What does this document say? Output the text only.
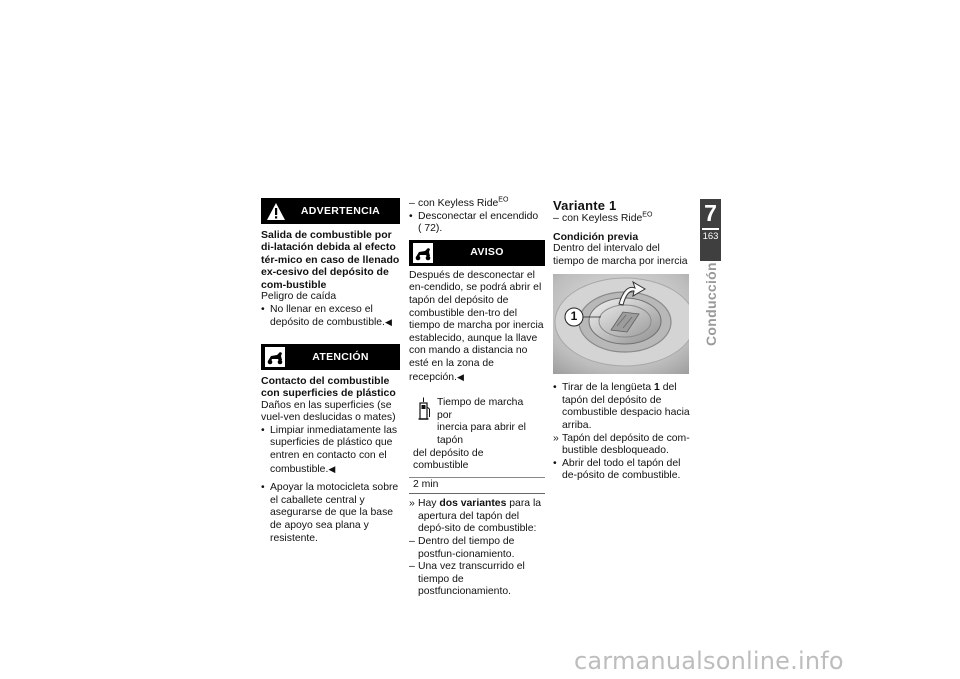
ADVERTENCIA
Salida de combustible por di-latación debida al efecto tér-mico en caso de llenado ex-cesivo del depósito de com-bustible

Peligro de caída

• No llenar en exceso el depósito de combustible.◀
ATENCIÓN
Contacto del combustible con superficies de plástico

Daños en las superficies (se vuel-ven deslucidas o mates)

• Limpiar inmediatamente las superficies de plástico que entren en contacto con el combustible.◀
• Apoyar la motocicleta sobre el caballete central y asegurarse de que la base de apoyo sea plana y resistente.
– con Keyless Ride$^{EO}$
• Desconectar el encendido
( 72).
AVISO

Después de desconectar el en-cendido, se podrá abrir el tapón del depósito de combustible den-tro del tiempo de marcha por inercia establecido, aunque la llave con mando a distancia no esté en la zona de recepción.◀

Tiempo de marcha por
inercia para abrir el tapón

del depósito de combustible
2 min
» Hay dos variantes para la apertura del tapón del depó-sito de combustible:
– Dentro del tiempo de postfun-cionamiento.
– Una vez transcurrido el tiempo de postfuncionamiento.
Variante 1
– con Keyless Ride$^{EO}$
Condición previa

Dentro del intervalo del tiempo de marcha por inercia

1
• Tirar de la lengüeta 1 del tapón del depósito de combustible despacio hacia arriba.
» Tapón del depósito de com-bustible desbloqueado.
• Abrir del todo el tapón del de-pósito de combustible.
7
163
Conducción
carmanualsonline.info
